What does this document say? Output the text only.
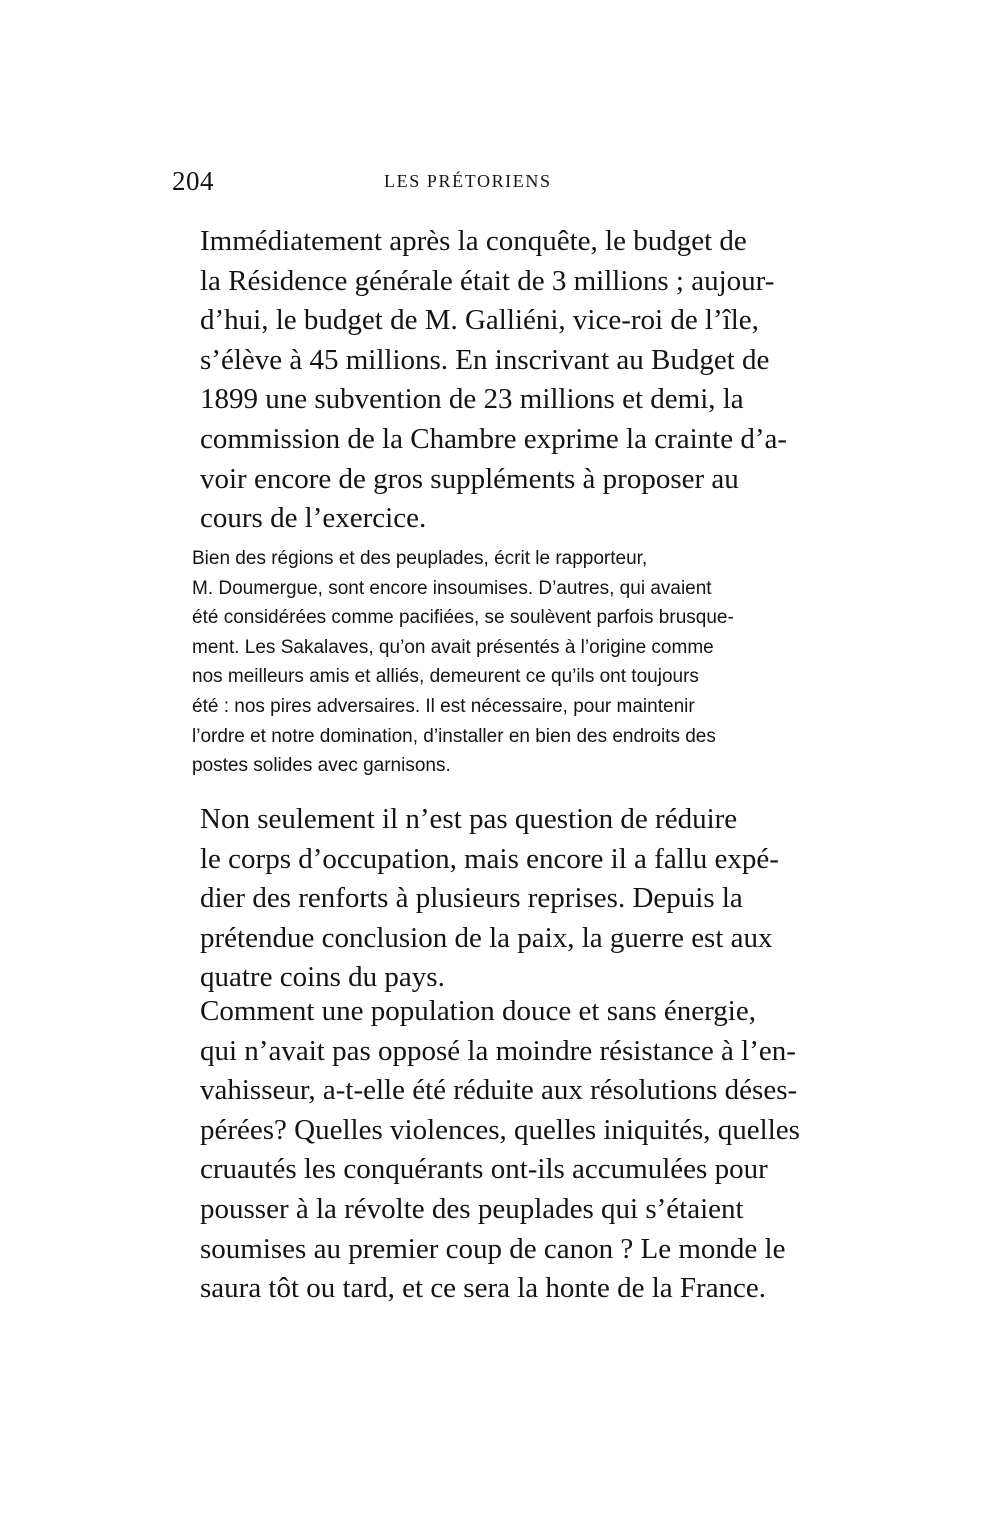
204	LES PRÉTORIENS
Immédiatement après la conquête, le budget de
la Résidence générale était de 3 millions ; aujour-
d’hui, le budget de M. Galliéni, vice-roi de l’île,
s’élève à 45 millions. En inscrivant au Budget de
1899 une subvention de 23 millions et demi, la
commission de la Chambre exprime la crainte d’a-
voir encore de gros suppléments à proposer au
cours de l’exercice.
Bien des régions et des peuplades, écrit le rapporteur,
M. Doumergue, sont encore insoumises. D’autres, qui avaient
été considérées comme pacifiées, se soulèvent parfois brusque-
ment. Les Sakalaves, qu’on avait présentés à l’origine comme
nos meilleurs amis et alliés, demeurent ce qu’ils ont toujours
été : nos pires adversaires. Il est nécessaire, pour maintenir
l’ordre et notre domination, d’installer en bien des endroits des
postes solides avec garnisons.
Non seulement il n’est pas question de réduire
le corps d’occupation, mais encore il a fallu expé-
dier des renforts à plusieurs reprises. Depuis la
prétendue conclusion de la paix, la guerre est aux
quatre coins du pays.
Comment une population douce et sans énergie,
qui n’avait pas opposé la moindre résistance à l’en-
vahisseur, a-t-elle été réduite aux résolutions déses-
pérées? Quelles violences, quelles iniquités, quelles
cruautés les conquérants ont-ils accumulées pour
pousser à la révolte des peuplades qui s’étaient
soumises au premier coup de canon ? Le monde le
saura tôt ou tard, et ce sera la honte de la France.
